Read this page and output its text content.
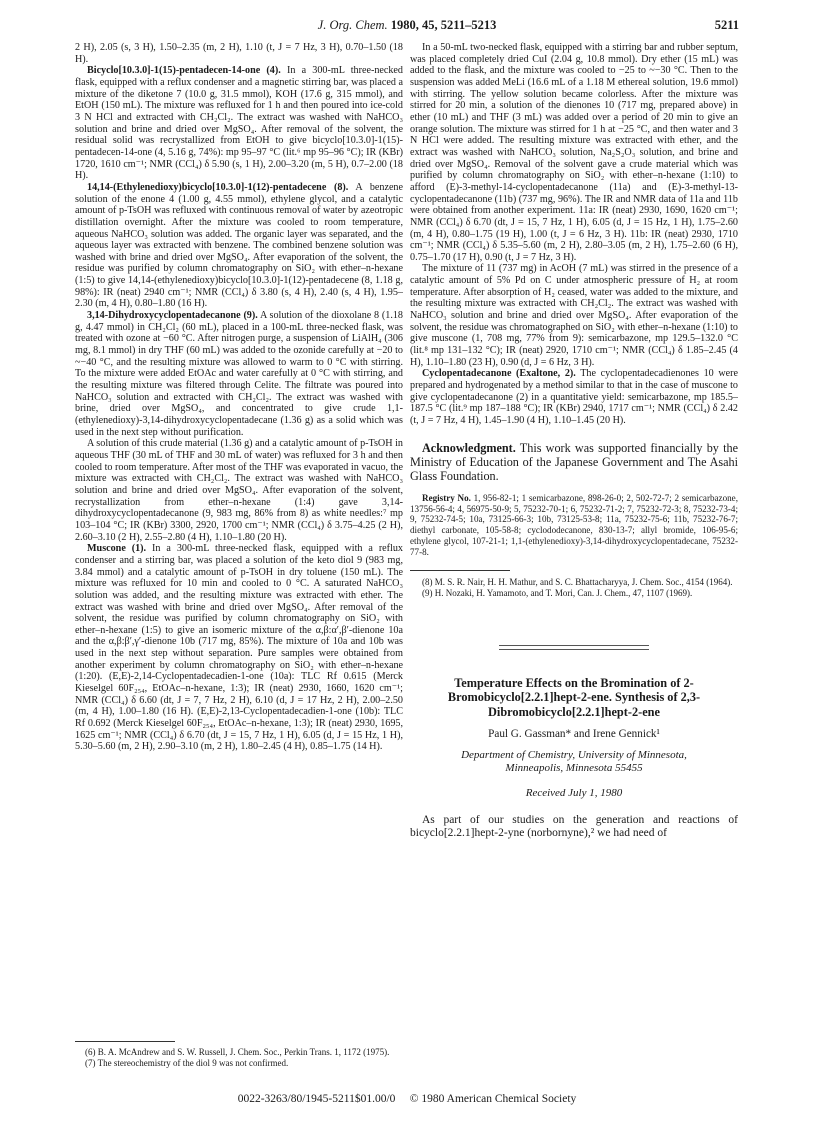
J. Org. Chem. 1980, 45, 5211–5213	5211

2 H), 2.05 (s, 3 H), 1.50–2.35 (m, 2 H), 1.10 (t, J = 7 Hz, 3 H), 0.70–1.50 (18 H).

Bicyclo[10.3.0]-1(15)-pentadecen-14-one (4). In a 300-mL three-necked flask, equipped with a reflux condenser and a magnetic stirring bar, was placed a mixture of the diketone 7 (10.0 g, 31.5 mmol), KOH (17.6 g, 315 mmol), and EtOH (150 mL). The mixture was refluxed for 1 h and then poured into ice-cold 3 N HCl and extracted with CH₂Cl₂. The extract was washed with NaHCO₃ solution and brine and dried over MgSO₄. After removal of the solvent, the residual solid was recrystallized from EtOH to give bicyclo[10.3.0]-1(15)-pentadecen-14-one (4, 5.16 g, 74%): mp 95–97 °C (lit.⁶ mp 95–96 °C); IR (KBr) 1720, 1610 cm⁻¹; NMR (CCl₄) δ 5.90 (s, 1 H), 2.00–3.20 (m, 5 H), 0.7–2.00 (18 H).

14,14-(Ethylenedioxy)bicyclo[10.3.0]-1(12)-pentadecene (8). A benzene solution of the enone 4 (1.00 g, 4.55 mmol), ethylene glycol, and a catalytic amount of p-TsOH was refluxed with continuous removal of water by azeotropic distillation overnight. After the mixture was cooled to room temperature, aqueous NaHCO₃ solution was added. The organic layer was separated, and the aqueous layer was extracted with benzene. The combined benzene solution was washed with brine and dried over MgSO₄. After evaporation of the solvent, the residue was purified by column chromatography on SiO₂ with ether–n-hexane (1:5) to give 14,14-(ethylenedioxy)bicyclo[10.3.0]-1(12)-pentadecene (8, 1.18 g, 98%): IR (neat) 2940 cm⁻¹; NMR (CCl₄) δ 3.80 (s, 4 H), 2.40 (s, 4 H), 1.95–2.30 (m, 4 H), 0.80–1.80 (16 H).

3,14-Dihydroxycyclopentadecanone (9). A solution of the dioxolane 8 (1.18 g, 4.47 mmol) in CH₂Cl₂ (60 mL), placed in a 100-mL three-necked flask, was treated with ozone at −60 °C. After nitrogen purge, a suspension of LiAlH₄ (306 mg, 8.1 mmol) in dry THF (60 mL) was added to the ozonide carefully at −20 to ~−40 °C, and the resulting mixture was allowed to warm to 0 °C with stirring. To the mixture were added EtOAc and water carefully at 0 °C with stirring, and the resulting mixture was filtered through Celite. The filtrate was poured into NaHCO₃ solution and extracted with CH₂Cl₂. The extract was washed with brine, dried over MgSO₄, and concentrated to give crude 1,1-(ethylenedioxy)-3,14-dihydroxycyclopentadecane (1.36 g) as a solid which was used in the next step without purification.

A solution of this crude material (1.36 g) and a catalytic amount of p-TsOH in aqueous THF (30 mL of THF and 30 mL of water) was refluxed for 3 h and then cooled to room temperature. After most of the THF was evaporated in vacuo, the mixture was extracted with CH₂Cl₂. The extract was washed with NaHCO₃ solution and brine and dried over MgSO₄. After evaporation of the solvent, recrystallization from ether–n-hexane (1:4) gave 3,14-dihydroxycyclopentadecanone (9, 983 mg, 86% from 8) as white needles:⁷ mp 103–104 °C; IR (KBr) 3300, 2920, 1700 cm⁻¹; NMR (CCl₄) δ 3.75–4.25 (2 H), 2.60–3.10 (2 H), 2.55–2.80 (4 H), 1.10–1.80 (20 H).

Muscone (1). In a 300-mL three-necked flask, equipped with a reflux condenser and a stirring bar, was placed a solution of the keto diol 9 (983 mg, 3.84 mmol) and a catalytic amount of p-TsOH in dry toluene (150 mL). The mixture was refluxed for 10 min and cooled to 0 °C. A saturated NaHCO₃ solution was added, and the resulting mixture was extracted with ether. The extract was washed with brine and dried over MgSO₄. After removal of the solvent, the residue was purified by column chromatography on SiO₂ with ether–n-hexane (1:5) to give an isomeric mixture of the α,β:α′,β′-dienone 10a and the α,β:β′,γ′-dienone 10b (717 mg, 85%). The mixture of 10a and 10b was used in the next step without separation. Pure samples were obtained from another experiment by column chromatography on SiO₂ with ether–n-hexane (1:20). (E,E)-2,14-Cyclopentadecadien-1-one (10a): TLC Rf 0.615 (Merck Kieselgel 60F₂₅₄, EtOAc–n-hexane, 1:3); IR (neat) 2930, 1660, 1620 cm⁻¹; NMR (CCl₄) δ 6.60 (dt, J = 7, 7 Hz, 2 H), 6.10 (d, J = 17 Hz, 2 H), 2.00–2.50 (m, 4 H), 1.00–1.80 (16 H). (E,E)-2,13-Cyclopentadecadien-1-one (10b): TLC Rf 0.692 (Merck Kieselgel 60F₂₅₄, EtOAc–n-hexane, 1:3); IR (neat) 2930, 1695, 1625 cm⁻¹; NMR (CCl₄) δ 6.70 (dt, J = 15, 7 Hz, 1 H), 6.05 (d, J = 15 Hz, 1 H), 5.30–5.60 (m, 2 H), 2.90–3.10 (m, 2 H), 1.80–2.45 (4 H), 0.85–1.75 (14 H).

(6) B. A. McAndrew and S. W. Russell, J. Chem. Soc., Perkin Trans. 1, 1172 (1975).

(7) The stereochemistry of the diol 9 was not confirmed.

In a 50-mL two-necked flask, equipped with a stirring bar and rubber septum, was placed completely dried CuI (2.04 g, 10.8 mmol). Dry ether (15 mL) was added to the flask, and the mixture was cooled to −25 to ~−30 °C. Then to the suspension was added MeLi (16.6 mL of a 1.18 M ethereal solution, 19.6 mmol) with stirring. The yellow solution became colorless. After the mixture was stirred for 20 min, a solution of the dienones 10 (717 mg, prepared above) in ether (10 mL) and THF (3 mL) was added over a period of 20 min to give an orange solution. The mixture was stirred for 1 h at −25 °C, and then water and 3 N HCl were added. The resulting mixture was extracted with ether, and the extract was washed with NaHCO₃ solution, Na₂S₂O₃ solution, and brine and dried over MgSO₄. Removal of the solvent gave a crude material which was purified by column chromatography on SiO₂ with ether–n-hexane (1:10) to afford (E)-3-methyl-14-cyclopentadecanone (11a) and (E)-3-methyl-13-cyclopentadecanone (11b) (737 mg, 96%). The IR and NMR data of 11a and 11b were obtained from another experiment. 11a: IR (neat) 2930, 1690, 1620 cm⁻¹; NMR (CCl₄) δ 6.70 (dt, J = 15, 7 Hz, 1 H), 6.05 (d, J = 15 Hz, 1 H), 1.75–2.60 (m, 4 H), 0.80–1.75 (19 H), 1.00 (t, J = 6 Hz, 3 H). 11b: IR (neat) 2930, 1710 cm⁻¹; NMR (CCl₄) δ 5.35–5.60 (m, 2 H), 2.80–3.05 (m, 2 H), 1.75–2.60 (6 H), 0.75–1.70 (17 H), 0.90 (t, J = 7 Hz, 3 H).

The mixture of 11 (737 mg) in AcOH (7 mL) was stirred in the presence of a catalytic amount of 5% Pd on C under atmospheric pressure of H₂ at room temperature. After absorption of H₂ ceased, water was added to the mixture, and the resulting mixture was extracted with CH₂Cl₂. The extract was washed with NaHCO₃ solution and brine and dried over MgSO₄. After evaporation of the solvent, the residue was chromatographed on SiO₂ with ether–n-hexane (1:10) to give muscone (1, 708 mg, 77% from 9): semicarbazone, mp 129.5–132.0 °C (lit.⁸ mp 131–132 °C); IR (neat) 2920, 1710 cm⁻¹; NMR (CCl₄) δ 1.85–2.45 (4 H), 1.10–1.80 (23 H), 0.90 (d, J = 6 Hz, 3 H).

Cyclopentadecanone (Exaltone, 2). The cyclopentadecadienones 10 were prepared and hydrogenated by a method similar to that in the case of muscone to give cyclopentadecanone (2) in a quantitative yield: semicarbazone, mp 185.5–187.5 °C (lit.⁹ mp 187–188 °C); IR (KBr) 2940, 1717 cm⁻¹; NMR (CCl₄) δ 2.42 (t, J = 7 Hz, 4 H), 1.45–1.90 (4 H), 1.10–1.45 (20 H).

Acknowledgment. This work was supported financially by the Ministry of Education of the Japanese Government and The Asahi Glass Foundation.

Registry No. 1, 956-82-1; 1 semicarbazone, 898-26-0; 2, 502-72-7; 2 semicarbazone, 13756-56-4; 4, 56975-50-9; 5, 75232-70-1; 6, 75232-71-2; 7, 75232-72-3; 8, 75232-73-4; 9, 75232-74-5; 10a, 73125-66-3; 10b, 73125-53-8; 11a, 75232-75-6; 11b, 75232-76-7; diethyl carbonate, 105-58-8; cyclododecanone, 830-13-7; allyl bromide, 106-95-6; ethylene glycol, 107-21-1; 1,1-(ethylenedioxy)-3,14-dihydroxycyclopentadecane, 75232-77-8.

(8) M. S. R. Nair, H. H. Mathur, and S. C. Bhattacharyya, J. Chem. Soc., 4154 (1964).

(9) H. Nozaki, H. Yamamoto, and T. Mori, Can. J. Chem., 47, 1107 (1969).

Temperature Effects on the Bromination of 2-Bromobicyclo[2.2.1]hept-2-ene. Synthesis of 2,3-Dibromobicyclo[2.2.1]hept-2-ene
Paul G. Gassman* and Irene Gennick¹
Department of Chemistry, University of Minnesota,
Minneapolis, Minnesota 55455
Received July 1, 1980

As part of our studies on the generation and reactions of bicyclo[2.2.1]hept-2-yne (norbornyne),² we had need of

0022-3263/80/1945-5211$01.00/0 © 1980 American Chemical Society
